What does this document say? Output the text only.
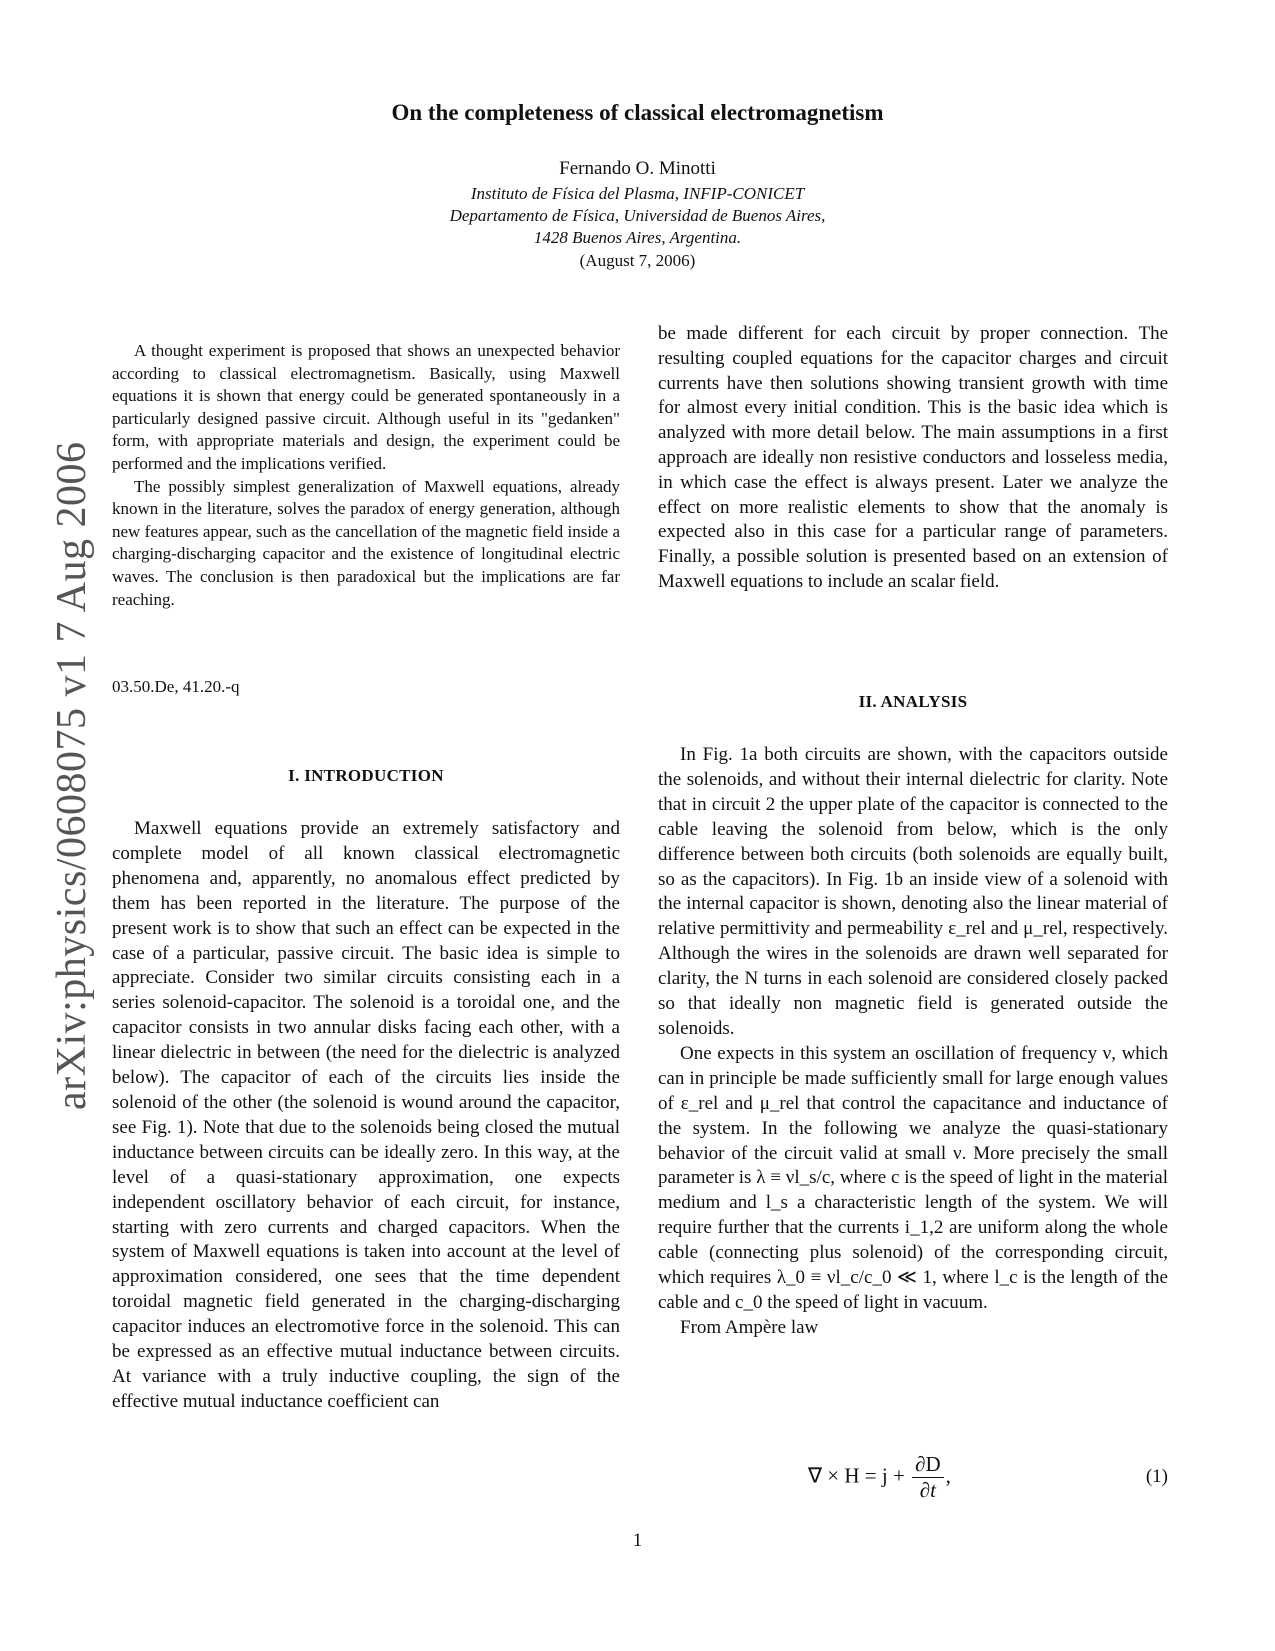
arXiv:physics/0608075 v1 7 Aug 2006
On the completeness of classical electromagnetism
Fernando O. Minotti
Instituto de Física del Plasma, INFIP-CONICET
Departamento de Física, Universidad de Buenos Aires,
1428 Buenos Aires, Argentina.
(August 7, 2006)

A thought experiment is proposed that shows an unexpected behavior according to classical electromagnetism. Basically, using Maxwell equations it is shown that energy could be generated spontaneously in a particularly designed passive circuit. Although useful in its "gedanken" form, with appropriate materials and design, the experiment could be performed and the implications verified.

The possibly simplest generalization of Maxwell equations, already known in the literature, solves the paradox of energy generation, although new features appear, such as the cancellation of the magnetic field inside a charging-discharging capacitor and the existence of longitudinal electric waves. The conclusion is then paradoxical but the implications are far reaching.

03.50.De, 41.20.-q
I. INTRODUCTION

Maxwell equations provide an extremely satisfactory and complete model of all known classical electromagnetic phenomena and, apparently, no anomalous effect predicted by them has been reported in the literature. The purpose of the present work is to show that such an effect can be expected in the case of a particular, passive circuit. The basic idea is simple to appreciate. Consider two similar circuits consisting each in a series solenoid-capacitor. The solenoid is a toroidal one, and the capacitor consists in two annular disks facing each other, with a linear dielectric in between (the need for the dielectric is analyzed below). The capacitor of each of the circuits lies inside the solenoid of the other (the solenoid is wound around the capacitor, see Fig. 1). Note that due to the solenoids being closed the mutual inductance between circuits can be ideally zero. In this way, at the level of a quasi-stationary approximation, one expects independent oscillatory behavior of each circuit, for instance, starting with zero currents and charged capacitors. When the system of Maxwell equations is taken into account at the level of approximation considered, one sees that the time dependent toroidal magnetic field generated in the charging-discharging capacitor induces an electromotive force in the solenoid. This can be expressed as an effective mutual inductance between circuits. At variance with a truly inductive coupling, the sign of the effective mutual inductance coefficient can

be made different for each circuit by proper connection. The resulting coupled equations for the capacitor charges and circuit currents have then solutions showing transient growth with time for almost every initial condition. This is the basic idea which is analyzed with more detail below. The main assumptions in a first approach are ideally non resistive conductors and losseless media, in which case the effect is always present. Later we analyze the effect on more realistic elements to show that the anomaly is expected also in this case for a particular range of parameters. Finally, a possible solution is presented based on an extension of Maxwell equations to include an scalar field.

II. ANALYSIS

In Fig. 1a both circuits are shown, with the capacitors outside the solenoids, and without their internal dielectric for clarity. Note that in circuit 2 the upper plate of the capacitor is connected to the cable leaving the solenoid from below, which is the only difference between both circuits (both solenoids are equally built, so as the capacitors). In Fig. 1b an inside view of a solenoid with the internal capacitor is shown, denoting also the linear material of relative permittivity and permeability ε_rel and μ_rel, respectively. Although the wires in the solenoids are drawn well separated for clarity, the N turns in each solenoid are considered closely packed so that ideally non magnetic field is generated outside the solenoids.

One expects in this system an oscillation of frequency ν, which can in principle be made sufficiently small for large enough values of ε_rel and μ_rel that control the capacitance and inductance of the system. In the following we analyze the quasi-stationary behavior of the circuit valid at small ν. More precisely the small parameter is λ ≡ νl_s/c, where c is the speed of light in the material medium and l_s a characteristic length of the system. We will require further that the currents i_1,2 are uniform along the whole cable (connecting plus solenoid) of the corresponding circuit, which requires λ_0 ≡ νl_c/c_0 ≪ 1, where l_c is the length of the cable and c_0 the speed of light in vacuum.

From Ampère law

∇ × $H = j + \frac{\partial D}{\partial t}$ ,	(1)
1
